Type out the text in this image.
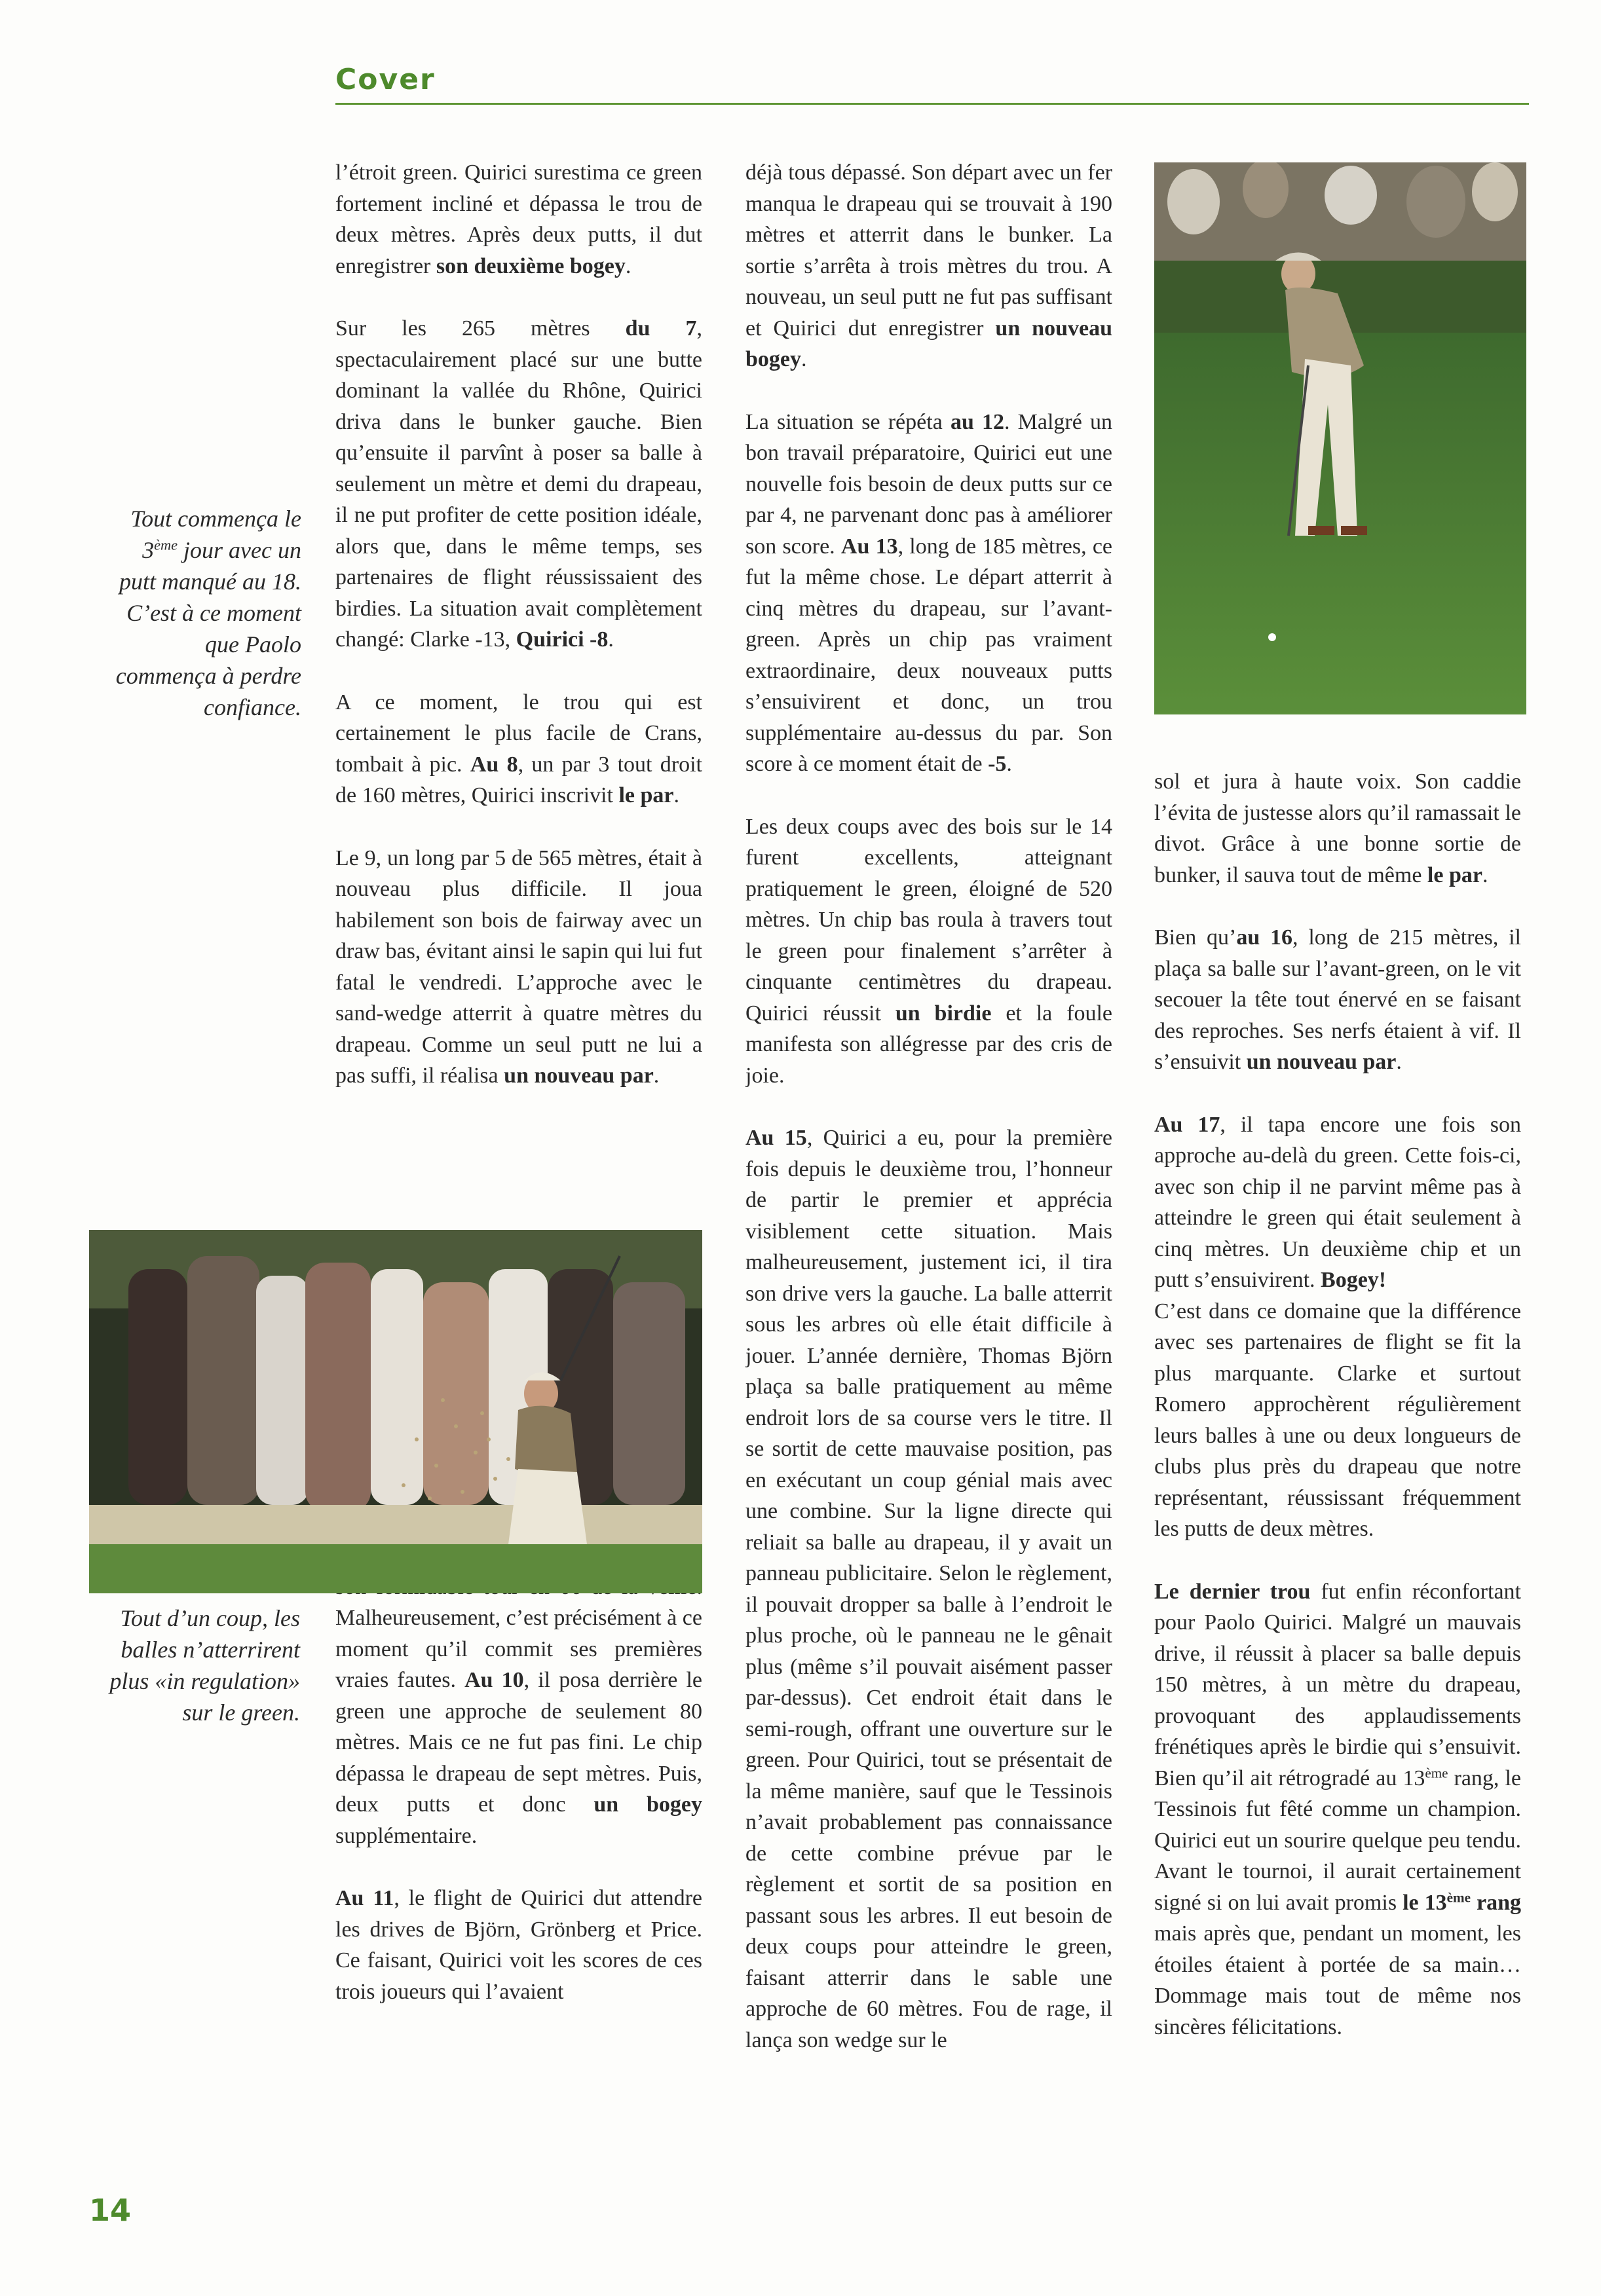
Cover

l’étroit green. Quirici surestima ce green fortement incliné et dépassa le trou de deux mètres. Après deux putts, il dut enregistrer son deuxième bogey.

Sur les 265 mètres du 7, spectaculairement placé sur une butte dominant la vallée du Rhône, Quirici driva dans le bunker gauche. Bien qu’ensuite il parvînt à poser sa balle à seulement un mètre et demi du drapeau, il ne put profiter de cette position idéale, alors que, dans le même temps, ses partenaires de flight réussissaient des birdies. La situation avait complètement changé: Clarke -13, Quirici -8.

A ce moment, le trou qui est certainement le plus facile de Crans, tombait à pic. Au 8, un par 3 tout droit de 160 mètres, Quirici inscrivit le par.

Le 9, un long par 5 de 565 mètres, était à nouveau plus difficile. Il joua habilement son bois de fairway avec un draw bas, évitant ainsi le sapin qui lui fut fatal le vendredi. L’approche avec le sand-wedge atterrit à quatre mètres du drapeau. Comme un seul putt ne lui a pas suffi, il réalisa un nouveau par.

Malheureusement, c’est précisément à ce moment qu’il commit ses premières vraies fautes. Au 10, il posa derrière le green une approche de seulement 80 mètres. Mais ce ne fut pas fini. Le chip dépassa le drapeau de sept mètres. Puis, deux putts et donc un bogey supplémentaire.

Au 11, le flight de Quirici dut attendre les drives de Björn, Grönberg et Price. Ce faisant, Quirici voit les scores de ces trois joueurs qui l’avaient

déjà tous dépassé. Son départ avec un fer manqua le drapeau qui se trouvait à 190 mètres et atterrit dans le bunker. La sortie s’arrêta à trois mètres du trou. A nouveau, un seul putt ne fut pas suffisant et Quirici dut enregistrer un nouveau bogey.

La situation se répéta au 12. Malgré un bon travail préparatoire, Quirici eut une nouvelle fois besoin de deux putts sur ce par 4, ne parvenant donc pas à améliorer son score. Au 13, long de 185 mètres, ce fut la même chose. Le départ atterrit à cinq mètres du drapeau, sur l’avant-green. Après un chip pas vraiment extraordinaire, deux nouveaux putts s’ensuivirent et donc, un trou supplémentaire au-dessus du par. Son score à ce moment était de -5.

Les deux coups avec des bois sur le 14 furent excellents, atteignant pratiquement le green, éloigné de 520 mètres. Un chip bas roula à travers tout le green pour finalement s’arrêter à cinquante centimètres du drapeau. Quirici réussit un birdie et la foule manifesta son allégresse par des cris de joie.

Au 15, Quirici a eu, pour la première fois depuis le deuxième trou, l’honneur de partir le premier et apprécia visiblement cette situation. Mais malheureusement, justement ici, il tira son drive vers la gauche. La balle atterrit sous les arbres où elle était difficile à jouer. L’année dernière, Thomas Björn plaça sa balle pratiquement au même endroit lors de sa course vers le titre. Il se sortit de cette mauvaise position, pas en exécutant un coup génial mais avec une combine. Sur la ligne directe qui reliait sa balle au drapeau, il y avait un panneau publicitaire. Selon le règlement, il pouvait dropper sa balle à l’endroit le plus proche, où le panneau ne le gênait plus (même s’il pouvait aisément passer par-dessus). Cet endroit était dans le semi-rough, offrant une ouverture sur le green. Pour Quirici, tout se présentait de la même manière, sauf que le Tessinois n’avait probablement pas connaissance de cette combine prévue par le règlement et sortit de sa position en passant sous les arbres. Il eut besoin de deux coups pour atteindre le green, faisant atterrir dans le sable une approche de 60 mètres. Fou de rage, il lança son wedge sur le

sol et jura à haute voix. Son caddie l’évita de justesse alors qu’il ramassait le divot. Grâce à une bonne sortie de bunker, il sauva tout de même le par.

Bien qu’au 16, long de 215 mètres, il plaça sa balle sur l’avant-green, on le vit secouer la tête tout énervé en se faisant des reproches. Ses nerfs étaient à vif. Il s’ensuivit un nouveau par.

Au 17, il tapa encore une fois son approche au-delà du green. Cette fois-ci, avec son chip il ne parvint même pas à atteindre le green qui était seulement à cinq mètres. Un deuxième chip et un putt s’ensuivirent. Bogey!

C’est dans ce domaine que la différence avec ses partenaires de flight se fit la plus marquante. Clarke et surtout Romero approchèrent régulièrement leurs balles à une ou deux longueurs de clubs plus près du drapeau que notre représentant, réussissant fréquemment les putts de deux mètres.

Le dernier trou fut enfin réconfortant pour Paolo Quirici. Malgré un mauvais drive, il réussit à placer sa balle depuis 150 mètres, à un mètre du drapeau, provoquant des applaudissements frénétiques après le birdie qui s’ensuivit. Bien qu’il ait rétrogradé au 13ème rang, le Tessinois fut fêté comme un champion. Quirici eut un sourire quelque peu tendu. Avant le tournoi, il aurait certainement signé si on lui avait promis le 13ème rang mais après que, pendant un moment, les étoiles étaient à portée de sa main… Dommage mais tout de même nos sincères félicitations.

Tout commença le 3ème jour avec un putt manqué au 18. C’est à ce moment que Paolo commença à perdre confiance.

Tout d’un coup, les balles n’atterrirent plus «in regulation» sur le green.

14
